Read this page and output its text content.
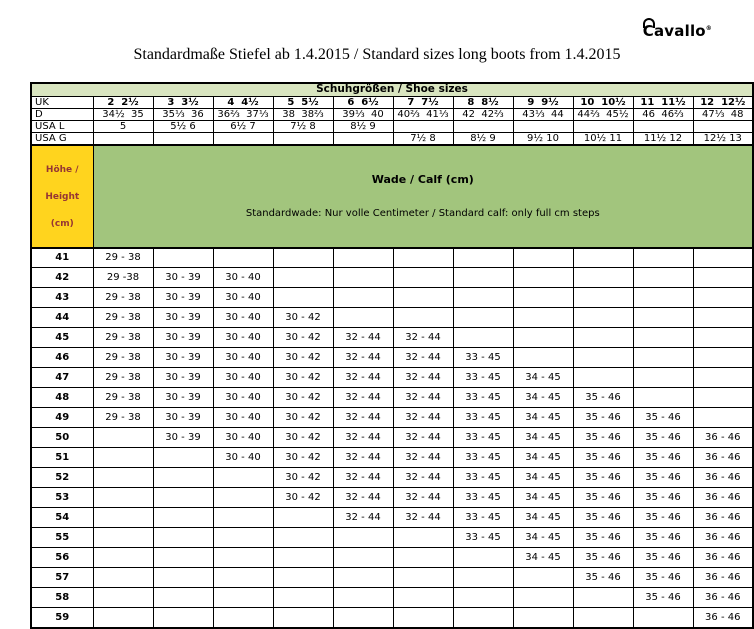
Cavallo®
Standardmaße Stiefel ab 1.4.2015 / Standard sizes long boots from 1.4.2015
Schuhgrößen / Shoe sizes											
UK	2  2½	3  3½	4  4½	5  5½	6  6½	7  7½	8  8½	9  9½	10  10½	11  11½	12  12½
D	34½  35	35⅓  36	36⅔  37⅓	38  38⅔	39⅓  40	40⅔  41⅓	42  42⅔	43⅓  44	44⅔  45½	46  46⅔	47⅓  48
USA L	5	5½ 6	6½ 7	7½ 8	8½ 9						
USA G						7½ 8	8½ 9	9½ 10	10½ 11	11½ 12	12½ 13

Höhe /

Height

(cm)

Wade / Calf (cm)

Standardwade: Nur volle Centimeter / Standard calf: only full cm steps

41	29 - 38										
42	29 -38	30 - 39	30 - 40								
43	29 - 38	30 - 39	30 - 40								
44	29 - 38	30 - 39	30 - 40	30 - 42							
45	29 - 38	30 - 39	30 - 40	30 - 42	32 - 44	32 - 44					
46	29 - 38	30 - 39	30 - 40	30 - 42	32 - 44	32 - 44	33 - 45				
47	29 - 38	30 - 39	30 - 40	30 - 42	32 - 44	32 - 44	33 - 45	34 - 45			
48	29 - 38	30 - 39	30 - 40	30 - 42	32 - 44	32 - 44	33 - 45	34 - 45	35 - 46		
49	29 - 38	30 - 39	30 - 40	30 - 42	32 - 44	32 - 44	33 - 45	34 - 45	35 - 46	35 - 46	
50		30 - 39	30 - 40	30 - 42	32 - 44	32 - 44	33 - 45	34 - 45	35 - 46	35 - 46	36 - 46
51			30 - 40	30 - 42	32 - 44	32 - 44	33 - 45	34 - 45	35 - 46	35 - 46	36 - 46
52				30 - 42	32 - 44	32 - 44	33 - 45	34 - 45	35 - 46	35 - 46	36 - 46
53				30 - 42	32 - 44	32 - 44	33 - 45	34 - 45	35 - 46	35 - 46	36 - 46
54					32 - 44	32 - 44	33 - 45	34 - 45	35 - 46	35 - 46	36 - 46
55							33 - 45	34 - 45	35 - 46	35 - 46	36 - 46
56								34 - 45	35 - 46	35 - 46	36 - 46
57									35 - 46	35 - 46	36 - 46
58										35 - 46	36 - 46
59											36 - 46
